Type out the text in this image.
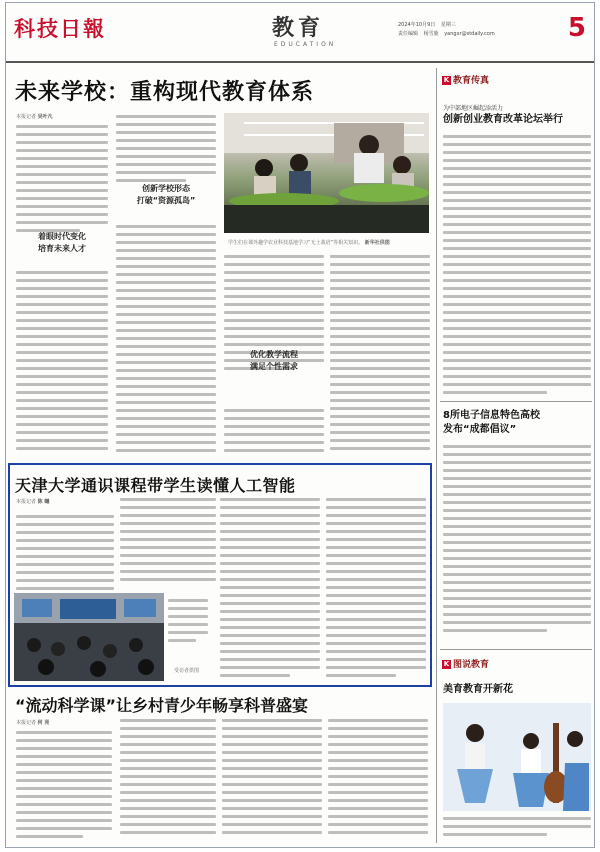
科技日報	教育
EDUCATION
2024年10月9日 星期三
责任编辑 杨雪鹿 yangxr@stdaily.com	5
未来学校：重构现代教育体系
本报记者 吴叶凡
着眼时代变化
培育未来人才
创新学校形态
打破“资源孤岛”
学生们在课外趣学农业科技基地学习“无土栽培”等相关知识。 新华社供图
优化教学流程
满足个性需求
天津大学通识课程带学生读懂人工智能
本报记者 陈 曦
受访者供图
“流动科学课”让乡村青少年畅享科普盛宴
本报记者 何 亮
K 教育传真
为中部地区崛起添活力
创新创业教育改革论坛举行
8所电子信息特色高校
发布“成都倡议”
K 图说教育
美育教育开新花
